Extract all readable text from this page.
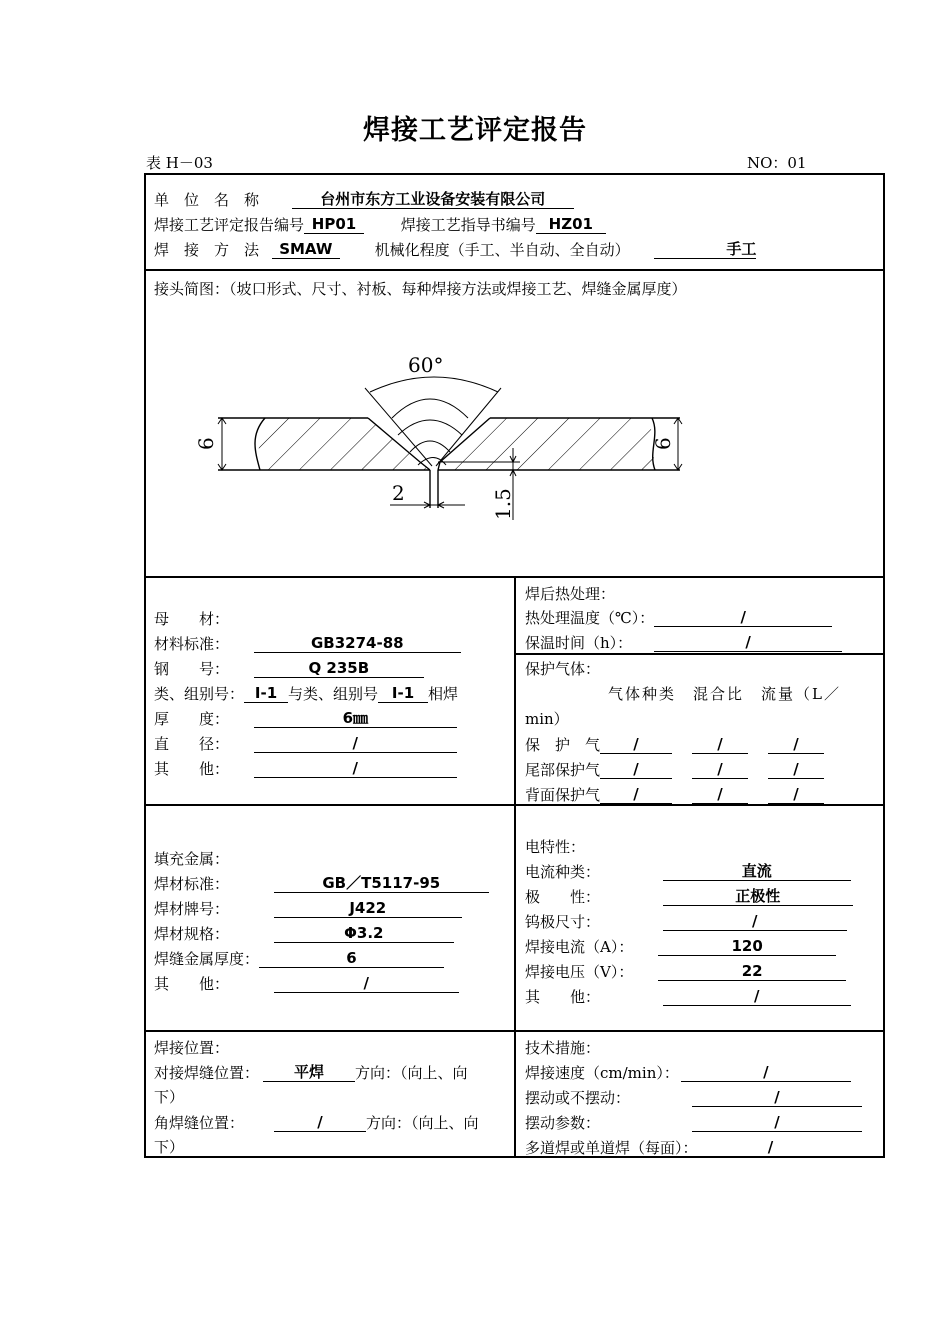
焊接工艺评定报告
表 H－03	NO：01
单　位　名　称	台州市东方工业设备安装有限公司
焊接工艺评定报告编号 HP01	焊接工艺指导书编号 HZ01
焊　接　方　法 SMAW	机械化程度（手工、半自动、全自动）	手工
接头简图：（坡口形式、尺寸、衬板、每种焊接方法或焊接工艺、焊缝金属厚度）
60°
6	6
2	1.5
母　　材：
材料标准：	GB3274-88
钢　　号：	Q 235B
类、组别号： Ⅰ-1 与类、组别号 Ⅰ-1 相焊
厚　　度：	6㎜
直　　径：	/
其　　他：	/
焊后热处理：
热处理温度（℃）：	/
保温时间（h）：	/
保护气体：
气体种类　混合比　流量（L／
min）
保　护　气 /	/	/
尾部保护气 /	/	/
背面保护气 /	/	/
填充金属：
焊材标准：	GB／T5117-95
焊材牌号：	J422
焊材规格：	Φ3.2
焊缝金属厚度：	6
其　　他：	/
电特性：
电流种类：	直流
极　　性：	正极性
钨极尺寸：	/
焊接电流（A）：	120
焊接电压（V）：	22
其　　他：	/
焊接位置：
对接焊缝位置： 平焊 方向：（向上、向
下）
角焊缝位置：	/	方向：（向上、向
下）
技术措施：
焊接速度（cm/min）：	/
摆动或不摆动：	/
摆动参数：	/
多道焊或单道焊（每面）：	/
